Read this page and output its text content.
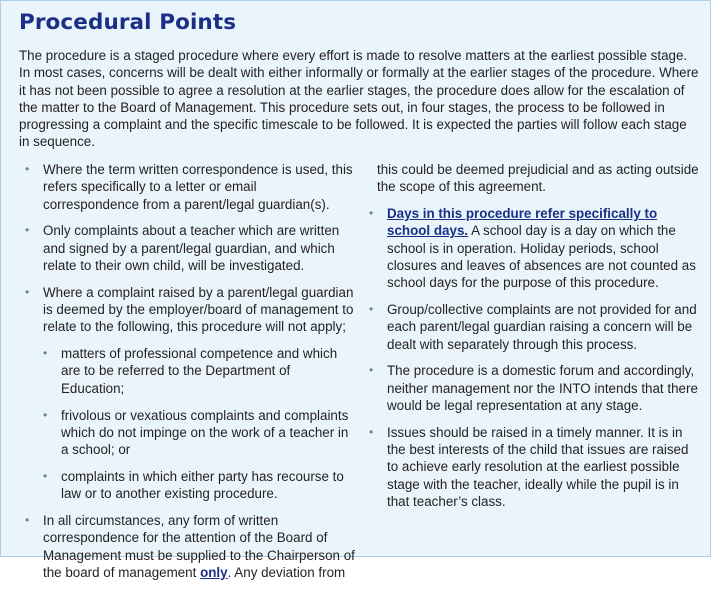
Procedural Points

The procedure is a staged procedure where every effort is made to resolve matters at the earliest possible stage. In most cases, concerns will be dealt with either informally or formally at the earlier stages of the procedure. Where it has not been possible to agree a resolution at the earlier stages, the procedure does allow for the escalation of the matter to the Board of Management. This procedure sets out, in four stages, the process to be followed in progressing a complaint and the specific timescale to be followed. It is expected the parties will follow each stage in sequence.

• Where the term written correspondence is used, this refers specifically to a letter or email correspondence from a parent/legal guardian(s).
• Only complaints about a teacher which are written and signed by a parent/legal guardian, and which relate to their own child, will be investigated.
• Where a complaint raised by a parent/legal guardian is deemed by the employer/board of management to relate to the following, this procedure will not apply;
• matters of professional competence and which are to be referred to the Department of Education;
• frivolous or vexatious complaints and complaints which do not impinge on the work of a teacher in a school; or
• complaints in which either party has recourse to law or to another existing procedure.
• In all circumstances, any form of written correspondence for the attention of the Board of Management must be supplied to the Chairperson of the board of management only. Any deviation from

this could be deemed prejudicial and as acting outside the scope of this agreement.

• Days in this procedure refer specifically to school days. A school day is a day on which the school is in operation. Holiday periods, school closures and leaves of absences are not counted as school days for the purpose of this procedure.
• Group/collective complaints are not provided for and each parent/legal guardian raising a concern will be dealt with separately through this process.
• The procedure is a domestic forum and accordingly, neither management nor the INTO intends that there would be legal representation at any stage.
• Issues should be raised in a timely manner. It is in the best interests of the child that issues are raised to achieve early resolution at the earliest possible stage with the teacher, ideally while the pupil is in that teacher’s class.
